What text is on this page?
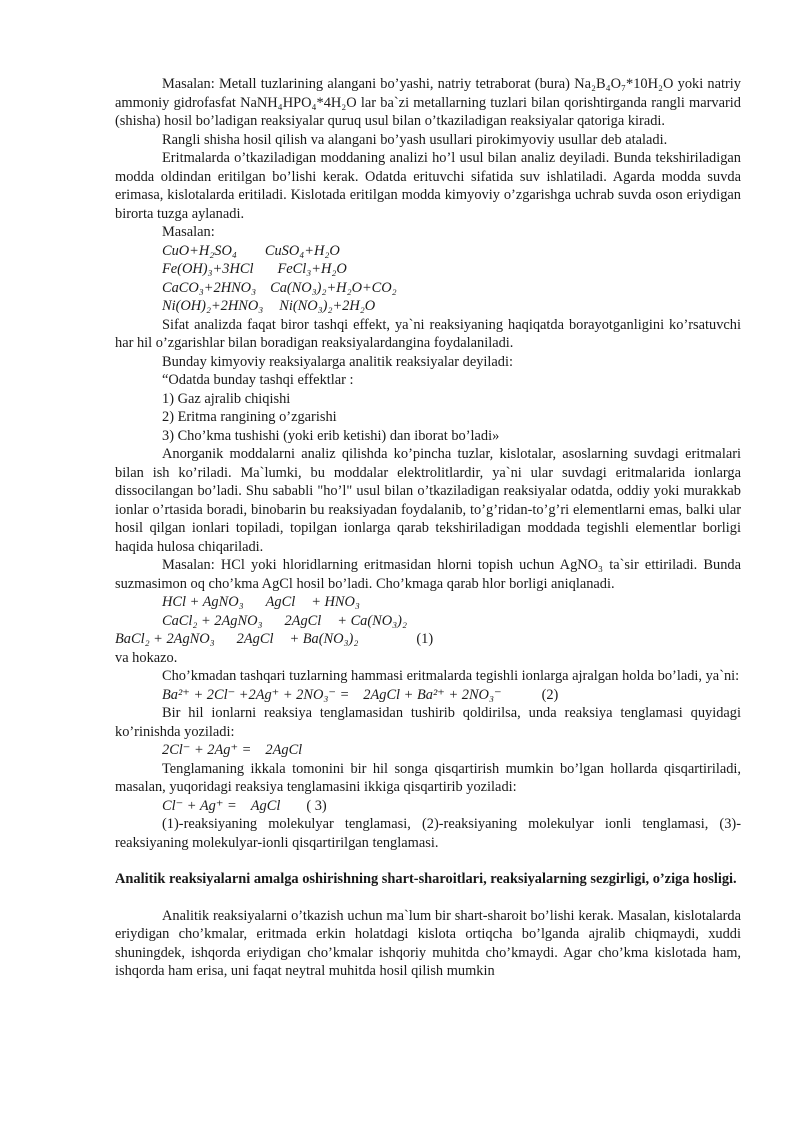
Masalan: Metall tuzlarining alangani bo’yashi, natriy tetraborat (bura) Na₂B₄O₇*10H₂O yoki natriy ammoniy gidrofasfat NaNH₄HPO₄*4H₂O lar ba`zi metallarning tuzlari bilan qorishtirganda rangli marvarid (shisha) hosil bo’ladigan reaksiyalar quruq usul bilan o’tkaziladigan reaksiyalar qatoriga kiradi.

Rangli shisha hosil qilish va alangani bo’yash usullari pirokimyoviy usullar deb ataladi.

Eritmalarda o’tkaziladigan moddaning analizi ho’l usul bilan analiz deyiladi. Bunda tekshiriladigan modda oldindan eritilgan bo’lishi kerak. Odatda erituvchi sifatida suv ishlatiladi. Agarda modda suvda erimasa, kislotalarda eritiladi. Kislotada eritilgan modda kimyoviy o’zgarishga uchrab suvda oson eriydigan birorta tuzga aylanadi.

Masalan:
CuO+H₂SO₄ CuSO₄+H₂O
Fe(OH)₃+3HCl FeCl₃+H₂O
CaCO₃+2HNO₃ Ca(NO₃)₂+H₂O+CO₂
Ni(OH)₂+2HNO₃ Ni(NO₃)₂+2H₂O

Sifat analizda faqat biror tashqi effekt, ya`ni reaksiyaning haqiqatda borayotganligini ko’rsatuvchi har hil o’zgarishlar bilan boradigan reaksiyalardangina foydalaniladi.

Bunday kimyoviy reaksiyalarga analitik reaksiyalar deyiladi:

“Odatda bunday tashqi effektlar :
1) Gaz ajralib chiqishi
2) Eritma rangining o’zgarishi
3) Cho’kma tushishi (yoki erib ketishi) dan iborat bo’ladi»

Anorganik moddalarni analiz qilishda ko’pincha tuzlar, kislotalar, asoslarning suvdagi eritmalari bilan ish ko’riladi. Ma`lumki, bu moddalar elektrolitlardir, ya`ni ular suvdagi eritmalarida ionlarga dissocilangan bo’ladi. Shu sababli "ho’l" usul bilan o’tkaziladigan reaksiyalar odatda, oddiy yoki murakkab ionlar o’rtasida boradi, binobarin bu reaksiyadan foydalanib, to’g’ridan-to’g’ri elementlarni emas, balki ular hosil qilgan ionlari topiladi, topilgan ionlarga qarab tekshiriladigan moddada tegishli elementlar borligi haqida hulosa chiqariladi.

Masalan: HCl yoki hloridlarning eritmasidan hlorni topish uchun AgNO₃ ta`sir ettiriladi. Bunda suzmasimon oq cho’kma AgCl hosil bo’ladi. Cho’kmaga qarab hlor borligi aniqlanadi.

HCl + AgNO₃ AgCl + HNO₃
CaCl₂ + 2AgNO₃ 2AgCl + Ca(NO₃)₂
BaCl₂ + 2AgNO₃ 2AgCl + Ba(NO₃)₂	(1)
va hokazo.

Cho’kmadan tashqari tuzlarning hammasi eritmalarda tegishli ionlarga ajralgan holda bo’ladi, ya`ni:

Ba²⁺ + 2Cl⁻ +2Ag⁺ + 2NO₃⁻ = 2AgCl + Ba²⁺ + 2NO₃⁻	(2)

Bir hil ionlarni reaksiya tenglamasidan tushirib qoldirilsa, unda reaksiya tenglamasi quyidagi ko’rinishda yoziladi:

2Cl⁻ + 2Ag⁺ = 2AgCl

Tenglamaning ikkala tomonini bir hil songa qisqartirish mumkin bo’lgan hollarda qisqartiriladi, masalan, yuqoridagi reaksiya tenglamasini ikkiga qisqartirib yoziladi:

Cl⁻ + Ag⁺ = AgCl ( 3)

(1)-reaksiyaning molekulyar tenglamasi, (2)-reaksiyaning molekulyar ionli tenglamasi, (3)-reaksiyaning molekulyar-ionli qisqartirilgan tenglamasi.

Analitik reaksiyalarni amalga oshirishning shart-sharoitlari, reaksiyalarning sezgirligi, o’ziga hosligi.

Analitik reaksiyalarni o’tkazish uchun ma`lum bir shart-sharoit bo’lishi kerak. Masalan, kislotalarda eriydigan cho’kmalar, eritmada erkin holatdagi kislota ortiqcha bo’lganda ajralib chiqmaydi, xuddi shuningdek, ishqorda eriydigan cho’kmalar ishqoriy muhitda cho’kmaydi. Agar cho’kma kislotada ham, ishqorda ham erisa, uni faqat neytral muhitda hosil qilish mumkin
